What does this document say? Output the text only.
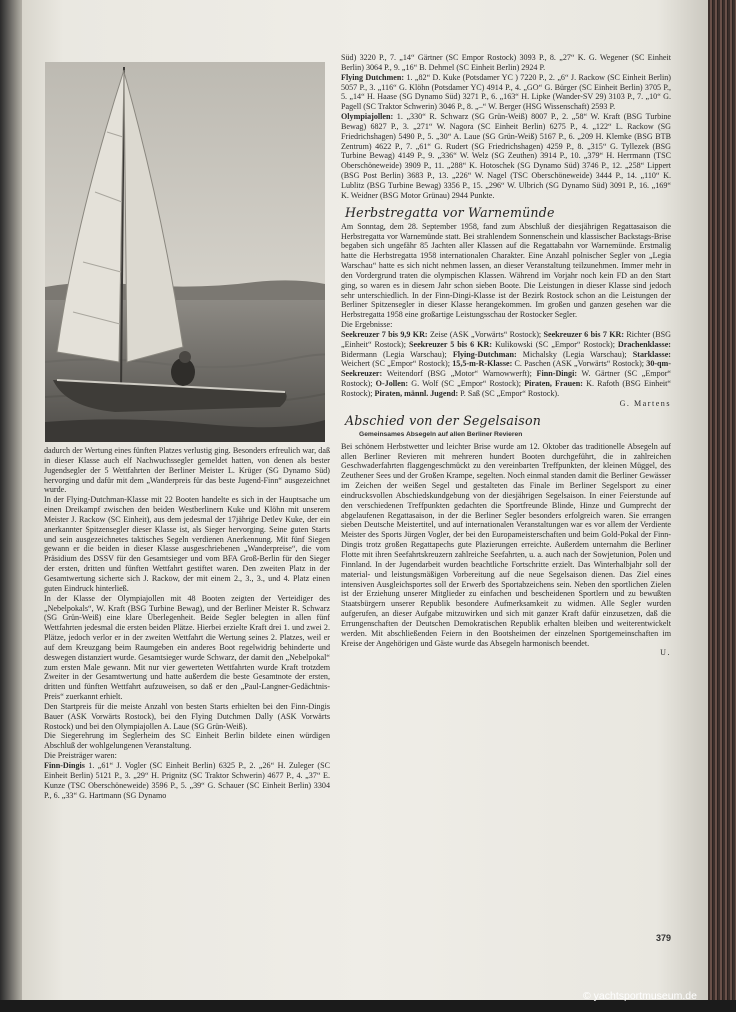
dadurch der Wertung eines fünften Platzes verlustig ging. Besonders erfreulich war, daß in dieser Klasse auch elf Nachwuchssegler gemeldet hatten, von denen als bester Jugendsegler der 5 Wettfahrten der Berliner Meister L. Krüger (SG Dynamo Süd) hervorging und dafür mit dem „Wanderpreis für das beste Jugend-Finn“ ausgezeichnet wurde.

In der Flying-Dutchman-Klasse mit 22 Booten handelte es sich in der Hauptsache um einen Dreikampf zwischen den beiden Westberlinern Kuke und Klöhn mit unserem Meister J. Rackow (SC Einheit), aus dem jedesmal der 17jährige Detlev Kuke, der ein anerkannter Spitzensegler dieser Klasse ist, als Sieger hervorging. Seine guten Starts und sein ausgezeichnetes taktisches Segeln verdienen Anerkennung. Mit fünf Siegen gewann er die beiden in dieser Klasse ausgeschriebenen „Wanderpreise“, die vom Präsidium des DSSV für den Gesamtsieger und vom BFA Groß-Berlin für den Sieger der ersten, dritten und fünften Wettfahrt gestiftet waren. Den zweiten Platz in der Gesamtwertung sicherte sich J. Rackow, der mit einem 2., 3., 3., und 4. Platz einen guten Eindruck hinterließ.

In der Klasse der Olympiajollen mit 48 Booten zeigten der Verteidiger des „Nebelpokals“, W. Kraft (BSG Turbine Bewag), und der Berliner Meister R. Schwarz (SG Grün-Weiß) eine klare Überlegenheit. Beide Segler belegten in allen fünf Wettfahrten jedesmal die ersten beiden Plätze. Hierbei erzielte Kraft drei 1. und zwei 2. Plätze, jedoch verlor er in der zweiten Wettfahrt die Wertung seines 2. Platzes, weil er auf dem Kreuzgang beim Raumgeben ein anderes Boot regelwidrig behinderte und deswegen distanziert wurde. Gesamtsieger wurde Schwarz, der damit den „Nebelpokal“ zum ersten Male gewann. Mit nur vier gewerteten Wettfahrten wurde Kraft trotzdem Zweiter in der Gesamtwertung und hatte außerdem die beste Gesamtnote der ersten, dritten und fünften Wettfahrt aufzuweisen, so daß er den „Paul-Langner-Gedächtnis-Preis“ zuerkannt erhielt.

Den Startpreis für die meiste Anzahl von besten Starts erhielten bei den Finn-Dingis Bauer (ASK Vorwärts Rostock), bei den Flying Dutchmen Dally (ASK Vorwärts Rostock) und bei den Olympiajollen A. Laue (SG Grün-Weiß).

Die Siegerehrung im Seglerheim des SC Einheit Berlin bildete einen würdigen Abschluß der wohlgelungenen Veranstaltung.

Die Preisträger waren:

Finn-Dingis 1. „61“ J. Vogler (SC Einheit Berlin) 6325 P., 2. „26“ H. Zuleger (SC Einheit Berlin) 5121 P., 3. „29“ H. Prignitz (SC Traktor Schwerin) 4677 P., 4. „37“ E. Kunze (TSC Oberschöneweide) 3596 P., 5. „39“ G. Schauer (SC Einheit Berlin) 3304 P., 6. „33“ G. Hartmann (SG Dynamo

Süd) 3220 P., 7. „14“ Gärtner (SC Empor Rostock) 3093 P., 8. „27“ K. G. Wegener (SC Einheit Berlin) 3064 P., 9. „16“ B. Dehmel (SC Einheit Berlin) 2924 P.

Flying Dutchmen: 1. „82“ D. Kuke (Potsdamer YC ) 7220 P., 2. „6“ J. Rackow (SC Einheit Berlin) 5057 P., 3. „116“ G. Klöhn (Potsdamer YC) 4914 P., 4. „GO“ G. Bürger (SC Einheit Berlin) 3705 P., 5. „14“ H. Haase (SG Dynamo Süd) 3271 P., 6. „163“ H. Lipke (Wander-SV 29) 3103 P., 7. „10“ G. Pagell (SC Traktor Schwerin) 3046 P., 8. „–“ W. Berger (HSG Wissenschaft) 2593 P.

Olympiajollen: 1. „330“ R. Schwarz (SG Grün-Weiß) 8007 P., 2. „58“ W. Kraft (BSG Turbine Bewag) 6827 P., 3. „271“ W. Nagora (SC Einheit Berlin) 6275 P., 4. „122“ L. Rackow (SG Friedrichshagen) 5490 P., 5. „30“ A. Laue (SG Grün-Weiß) 5167 P., 6. „209 H. Klemke (BSG BTB Zentrum) 4622 P., 7. „61“ G. Rudert (SG Friedrichshagen) 4259 P., 8. „315“ G. Tyllezek (BSG Turbine Bewag) 4149 P., 9. „336“ W. Welz (SG Zeuthen) 3914 P., 10. „379“ H. Herrmann (TSC Oberschöneweide) 3909 P., 11. „288“ K. Hotoschek (SG Dynamo Süd) 3746 P., 12. „258“ Lippert (BSG Post Berlin) 3683 P., 13. „226“ W. Nagel (TSC Oberschöneweide) 3444 P., 14. „110“ K. Lublitz (BSG Turbine Bewag) 3356 P., 15. „296“ W. Ulbrich (SG Dynamo Süd) 3091 P., 16. „169“ K. Weidner (BSG Motor Grünau) 2944 Punkte.

Herbstregatta vor Warnemünde

Am Sonntag, dem 28. September 1958, fand zum Abschluß der diesjährigen Regattasaison die Herbstregatta vor Warnemünde statt. Bei strahlendem Sonnenschein und klassischer Backstags-Brise begaben sich ungefähr 85 Jachten aller Klassen auf die Regattabahn vor Warnemünde. Erstmalig hatte die Herbstregatta 1958 internationalen Charakter. Eine Anzahl polnischer Segler von „Legia Warschau“ hatte es sich nicht nehmen lassen, an dieser Veranstaltung teilzunehmen. Immer mehr in den Vordergrund traten die olympischen Klassen. Während im Vorjahr noch kein FD an den Start ging, so waren es in diesem Jahr schon sieben Boote. Die Leistungen in dieser Klasse sind jedoch sehr unterschiedlich. In der Finn-Dingi-Klasse ist der Bezirk Rostock schon an die Leistungen der Berliner Spitzensegler in dieser Klasse herangekommen. Im großen und ganzen gesehen war die Herbstregatta 1958 eine großartige Leistungsschau der Rostocker Segler.

Die Ergebnisse:

Seekreuzer 7 bis 9,9 KR: Zeise (ASK „Vorwärts“ Rostock); Seekreuzer 6 bis 7 KR: Richter (BSG „Einheit“ Rostock); Seekreuzer 5 bis 6 KR: Kulikowski (SC „Empor“ Rostock); Drachenklasse: Bidermann (Legia Warschau); Flying-Dutchman: Michalsky (Legia Warschau); Starklasse: Weichert (SC „Empor“ Rostock); 15,5-m-R-Klasse: C. Paschen (ASK „Vorwärts“ Rostock); 30-qm-Seekreuzer: Weitendorf (BSG „Motor“ Warnowwerft); Finn-Dingi: W. Gärtner (SC „Empor“ Rostock); O-Jollen: G. Wolf (SC „Empor“ Rostock); Piraten, Frauen: K. Rafoth (BSG Einheit“ Rostock); Piraten, männl. Jugend: P. Saß (SC „Empor“ Rostock).

G. Martens

Abschied von der Segelsaison

Gemeinsames Absegeln auf allen Berliner Revieren

Bei schönem Herbstwetter und leichter Brise wurde am 12. Oktober das traditionelle Absegeln auf allen Berliner Revieren mit mehreren hundert Booten durchgeführt, die in zahlreichen Geschwaderfahrten flaggengeschmückt zu den vereinbarten Treffpunkten, der kleinen Müggel, des Zeuthener Sees und der Großen Krampe, segelten. Noch einmal standen damit die Berliner Gewässer im Zeichen der weißen Segel und gestalteten das Finale im Berliner Segelsport zu einer eindrucksvollen Abschiedskundgebung von der diesjährigen Segelsaison. In einer Feierstunde auf den verschiedenen Treffpunkten gedachten die Sportfreunde Blinde, Hinze und Gumprecht der abgelaufenen Regattasaison, in der die Berliner Segler besonders erfolgreich waren. Sie errangen sieben Deutsche Meistertitel, und auf internationalen Veranstaltungen war es vor allem der Verdiente Meister des Sports Jürgen Vogler, der bei den Europameisterschaften und beim Gold-Pokal der Finn-Dingis trotz großen Regattapechs gute Plazierungen erreichte. Außerdem unternahm die Berliner Flotte mit ihren Seefahrtskreuzern zahlreiche Seefahrten, u. a. auch nach der Sowjetunion, Polen und Finnland. In der Jugendarbeit wurden beachtliche Fortschritte erzielt. Das Winterhalbjahr soll der material- und leistungsmäßigen Vorbereitung auf die neue Segelsaison dienen. Das Ziel eines intensiven Ausgleichsportes soll der Erwerb des Sportabzeichens sein. Neben den sportlichen Zielen ist der Erziehung unserer Mitglieder zu einfachen und bescheidenen Sportlern und zu bewußten Staatsbürgern unserer Republik besondere Aufmerksamkeit zu widmen. Alle Segler wurden aufgerufen, an dieser Aufgabe mitzuwirken und sich mit ganzer Kraft dafür einzusetzen, daß die Errungenschaften der Deutschen Demokratischen Republik erhalten bleiben und weiterentwickelt werden. Mit abschließenden Feiern in den Bootsheimen der einzelnen Sportgemeinschaften im Kreise der Angehörigen und Gäste wurde das Absegeln harmonisch beendet.

U.

379
© yachtsportmuseum.de
